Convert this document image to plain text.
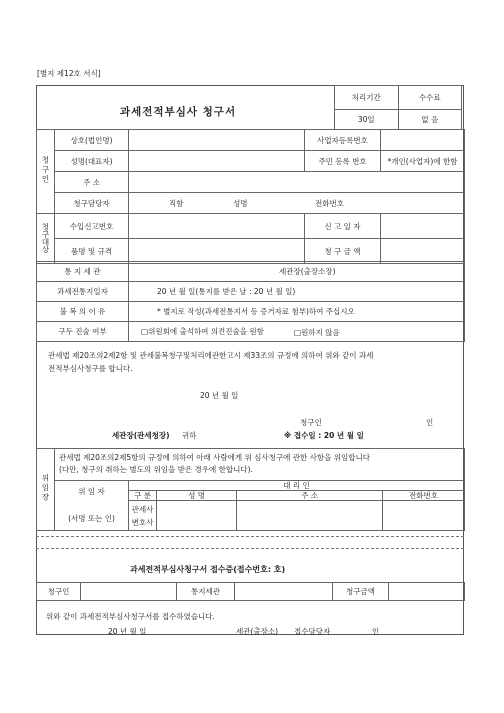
[별지 제12호 서식]
과세전적부심사 청구서
처리기간	수수료
30일	없 음
청구인	상호(법인명)		사업자등록번호	
	성명(대표자)		주민 등록 번호	*개인(사업자)에 한함
	주 소			
	청구담당자	직함 성명 전화번호		

청구대상	수입신고번호		신 고 일 자	
	품명 및 규격		청 구 금 액	
통 지 세 관	세관장(출장소장)
과세전통지일자	20 년 월 일(통지를 받은 날 : 20 년 월 일)
불 복 의 이 유	* 별지로 작성(과세전통지서 등 증거자료 첨부)하여 주십시오
구두 진술 여부	□위원회에 출석하여 의견진술을 원함 □원하지 않음
관세법 제20조의2제2항 및 관세불복청구및처리에관한고시 제33조의 규정에 의하여 위와 같이 과세
전적부심사청구를 합니다.
20 년 월 일
청구인	인
세관장(관세청장) 귀하	※ 접수일 : 20 년 월 일
위임장	관세법 제20조의2제5항의 규정에 의하여 아래 사람에게 위 심사청구에 관한 사항을 위임합니다
(다만, 청구의 취하는 별도의 위임을 받은 경우에 한합니다).				

	위 임 자
(서명 또는 인)	대 리 인			
		구 분	성 명	주 소	전화번호

		관세사
변호사			

과세전적부심사청구서 접수증(접수번호: 호)
청구인		통지세관		청구금액	
위와 같이 과세전적부심사청구서를 접수하였습니다.
20 년 월 일	세관(출장소) 접수담당자	인
